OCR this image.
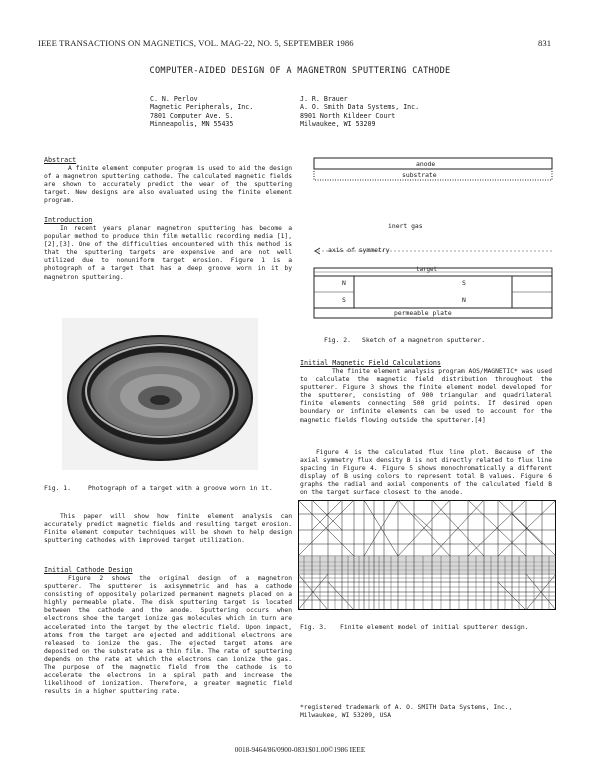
IEEE TRANSACTIONS ON MAGNETICS, VOL. MAG-22, NO. 5, SEPTEMBER 1986	831
COMPUTER-AIDED DESIGN OF A MAGNETRON SPUTTERING CATHODE
C. N. Perlov
Magnetic Peripherals, Inc.
7801 Computer Ave. S.
Minneapolis, MN 55435
J. R. Brauer
A. O. Smith Data Systems, Inc.
8901 North Kildeer Court
Milwaukee, WI 53209
Abstract
A finite element computer program is used to aid the design of a magnetron sputtering cathode. The calculated magnetic fields are shown to accurately predict the wear of the sputtering target. New designs are also evaluated using the finite element program.
Introduction
In recent years planar magnetron sputtering has become a popular method to produce thin film metallic recording media [1],[2],[3]. One of the difficulties encountered with this method is that the sputtering targets are expensive and are not well utilized due to nonuniform target erosion. Figure 1 is a photograph of a target that has a deep groove worn in it by magnetron sputtering.
Fig. 1.	Photograph of a target with a groove worn in it.
This paper will show how finite element analysis can accurately predict magnetic fields and resulting target erosion. Finite element computer techniques will be shown to help design sputtering cathodes with improved target utilization.
Initial Cathode Design
Figure 2 shows the original design of a magnetron sputterer. The sputterer is axisymmetric and has a cathode consisting of oppositely polarized permanent magnets placed on a highly permeable plate. The disk sputtering target is located between the cathode and the anode. Sputtering occurs when electrons shoe the target ionize gas molecules which in turn are accelerated into the target by the electric field. Upon impact, atoms from the target are ejected and additional electrons are released to ionize the gas. The ejected target atoms are deposited on the substrate as a thin film. The rate of sputtering depends on the rate at which the electrons can ionize the gas. The purpose of the magnetic field from the cathode is to accelerate the electrons in a spiral path and increase the likelihood of ionization. Therefore, a greater magnetic field results in a higher sputtering rate.
anode
substrate
inert gas
axis of symmetry
target
N
S
S
N
permeable plate
Fig. 2. Sketch of a magnetron sputterer.
Initial Magnetic Field Calculations
The finite element analysis program AOS/MAGNETIC* was used to calculate the magnetic field distribution throughout the sputterer. Figure 3 shows the finite element model developed for the sputterer, consisting of 900 triangular and quadrilateral finite elements connecting 500 grid points. If desired open boundary or infinite elements can be used to account for the magnetic fields flowing outside the sputterer.[4]
Figure 4 is the calculated flux line plot. Because of the axial symmetry flux density B is not directly related to flux line spacing in Figure 4. Figure 5 shows monochromatically a different display of B using colors to represent total B values. Figure 6 graphs the radial and axial components of the calculated field B on the target surface closest to the anode.
Fig. 3. Finite element model of initial sputterer design.
*registered trademark of A. O. SMITH Data Systems, Inc., Milwaukee, WI 53209, USA
0018-9464/86/0900-0831$01.00©1986 IEEE
